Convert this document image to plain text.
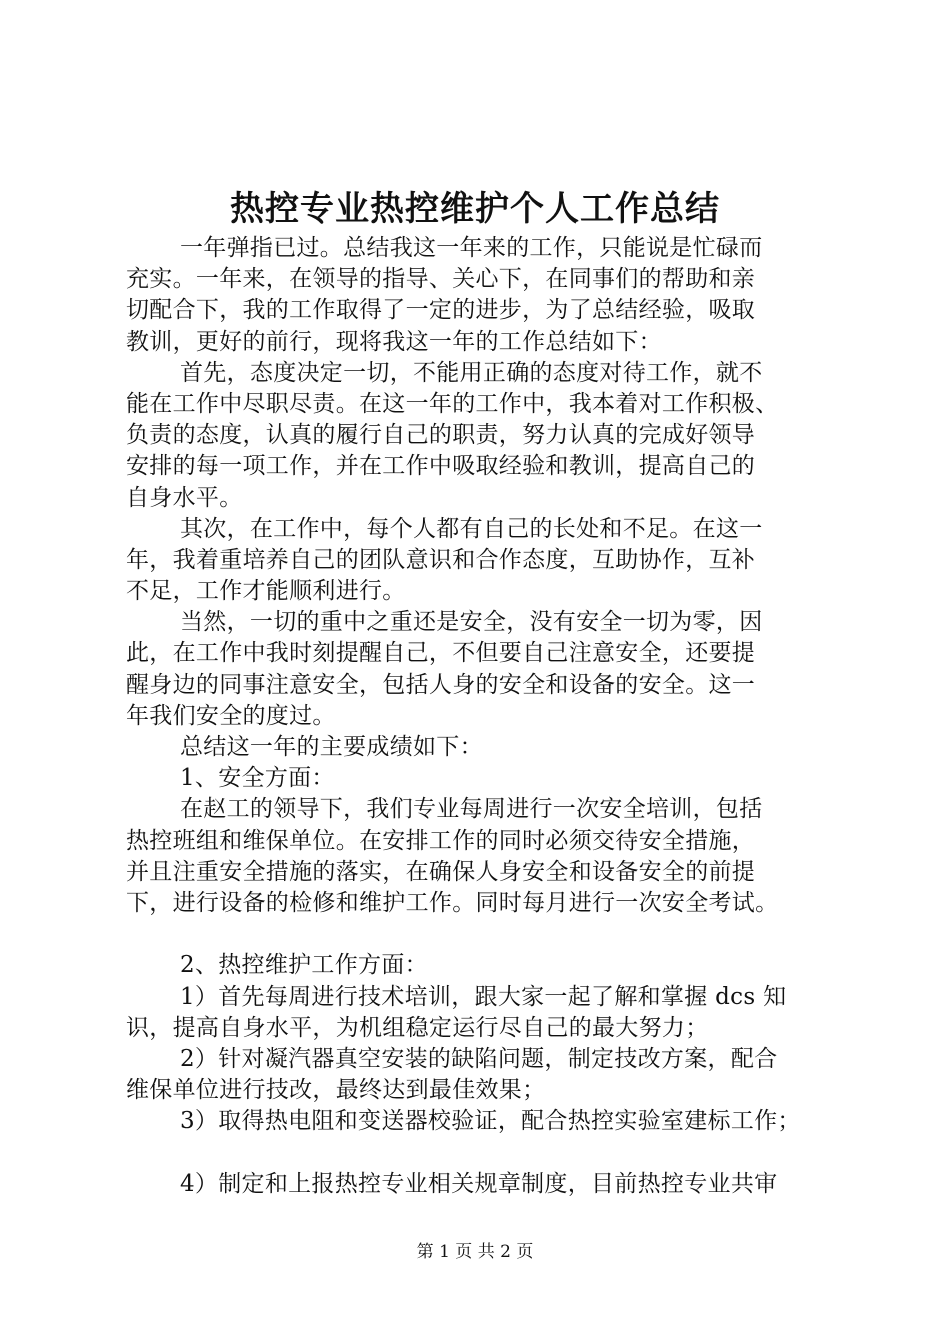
热控专业热控维护个人工作总结
一年弹指已过。总结我这一年来的工作，只能说是忙碌而
充实。一年来，在领导的指导、关心下，在同事们的帮助和亲
切配合下，我的工作取得了一定的进步，为了总结经验，吸取
教训，更好的前行，现将我这一年的工作总结如下：
首先，态度决定一切，不能用正确的态度对待工作，就不
能在工作中尽职尽责。在这一年的工作中，我本着对工作积极、
负责的态度，认真的履行自己的职责，努力认真的完成好领导
安排的每一项工作，并在工作中吸取经验和教训，提高自己的
自身水平。
其次，在工作中，每个人都有自己的长处和不足。在这一
年，我着重培养自己的团队意识和合作态度，互助协作，互补
不足，工作才能顺利进行。
当然，一切的重中之重还是安全，没有安全一切为零，因
此，在工作中我时刻提醒自己，不但要自己注意安全，还要提
醒身边的同事注意安全，包括人身的安全和设备的安全。这一
年我们安全的度过。
总结这一年的主要成绩如下：
1、安全方面：
在赵工的领导下，我们专业每周进行一次安全培训，包括
热控班组和维保单位。在安排工作的同时必须交待安全措施，
并且注重安全措施的落实，在确保人身安全和设备安全的前提
下，进行设备的检修和维护工作。同时每月进行一次安全考试。
2、热控维护工作方面：
1）首先每周进行技术培训，跟大家一起了解和掌握 dcs 知
识，提高自身水平，为机组稳定运行尽自己的最大努力；
2）针对凝汽器真空安装的缺陷问题，制定技改方案，配合
维保单位进行技改，最终达到最佳效果；
3）取得热电阻和变送器校验证，配合热控实验室建标工作；
4）制定和上报热控专业相关规章制度，目前热控专业共审
第 1 页 共 2 页
